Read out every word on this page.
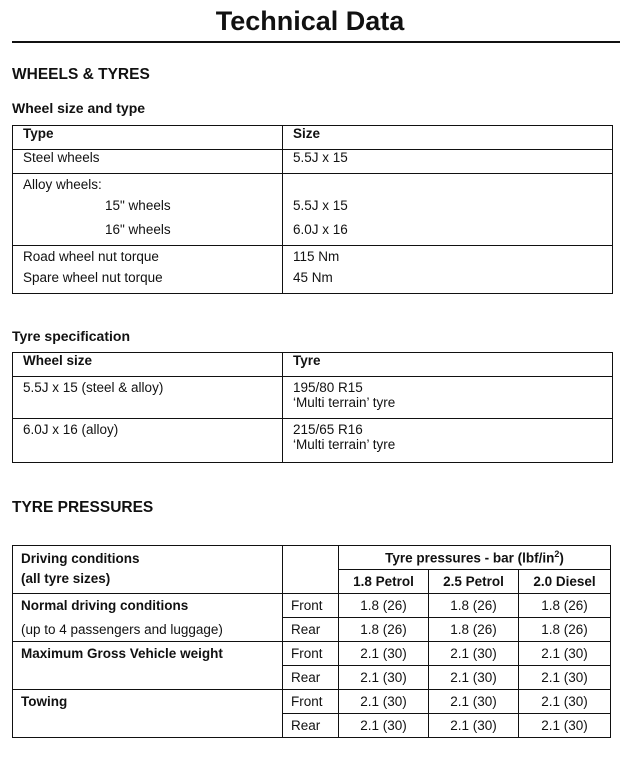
Technical Data
WHEELS & TYRES
Wheel size and type
Type	Size
Steel wheels	5.5J x 15
Alloy wheels:	
15" wheels	5.5J x 15
16" wheels	6.0J x 16
Road wheel nut torque	115 Nm
Spare wheel nut torque	45 Nm
Tyre specification
Wheel size	Tyre
5.5J x 15 (steel & alloy)	195/80 R15
‘Multi terrain’ tyre

6.0J x 16 (alloy)	215/65 R16
‘Multi terrain’ tyre
TYRE PRESSURES
Driving conditions
(all tyre sizes)		Tyre pressures - bar $(lbf/in^2)$		
		1.8 Petrol	2.5 Petrol	2.0 Diesel
Normal driving conditions	Front	1.8 (26)	1.8 (26)	1.8 (26)
(up to 4 passengers and luggage)	Rear	1.8 (26)	1.8 (26)	1.8 (26)
Maximum Gross Vehicle weight	Front	2.1 (30)	2.1 (30)	2.1 (30)
	Rear	2.1 (30)	2.1 (30)	2.1 (30)
Towing	Front	2.1 (30)	2.1 (30)	2.1 (30)
	Rear	2.1 (30)	2.1 (30)	2.1 (30)
